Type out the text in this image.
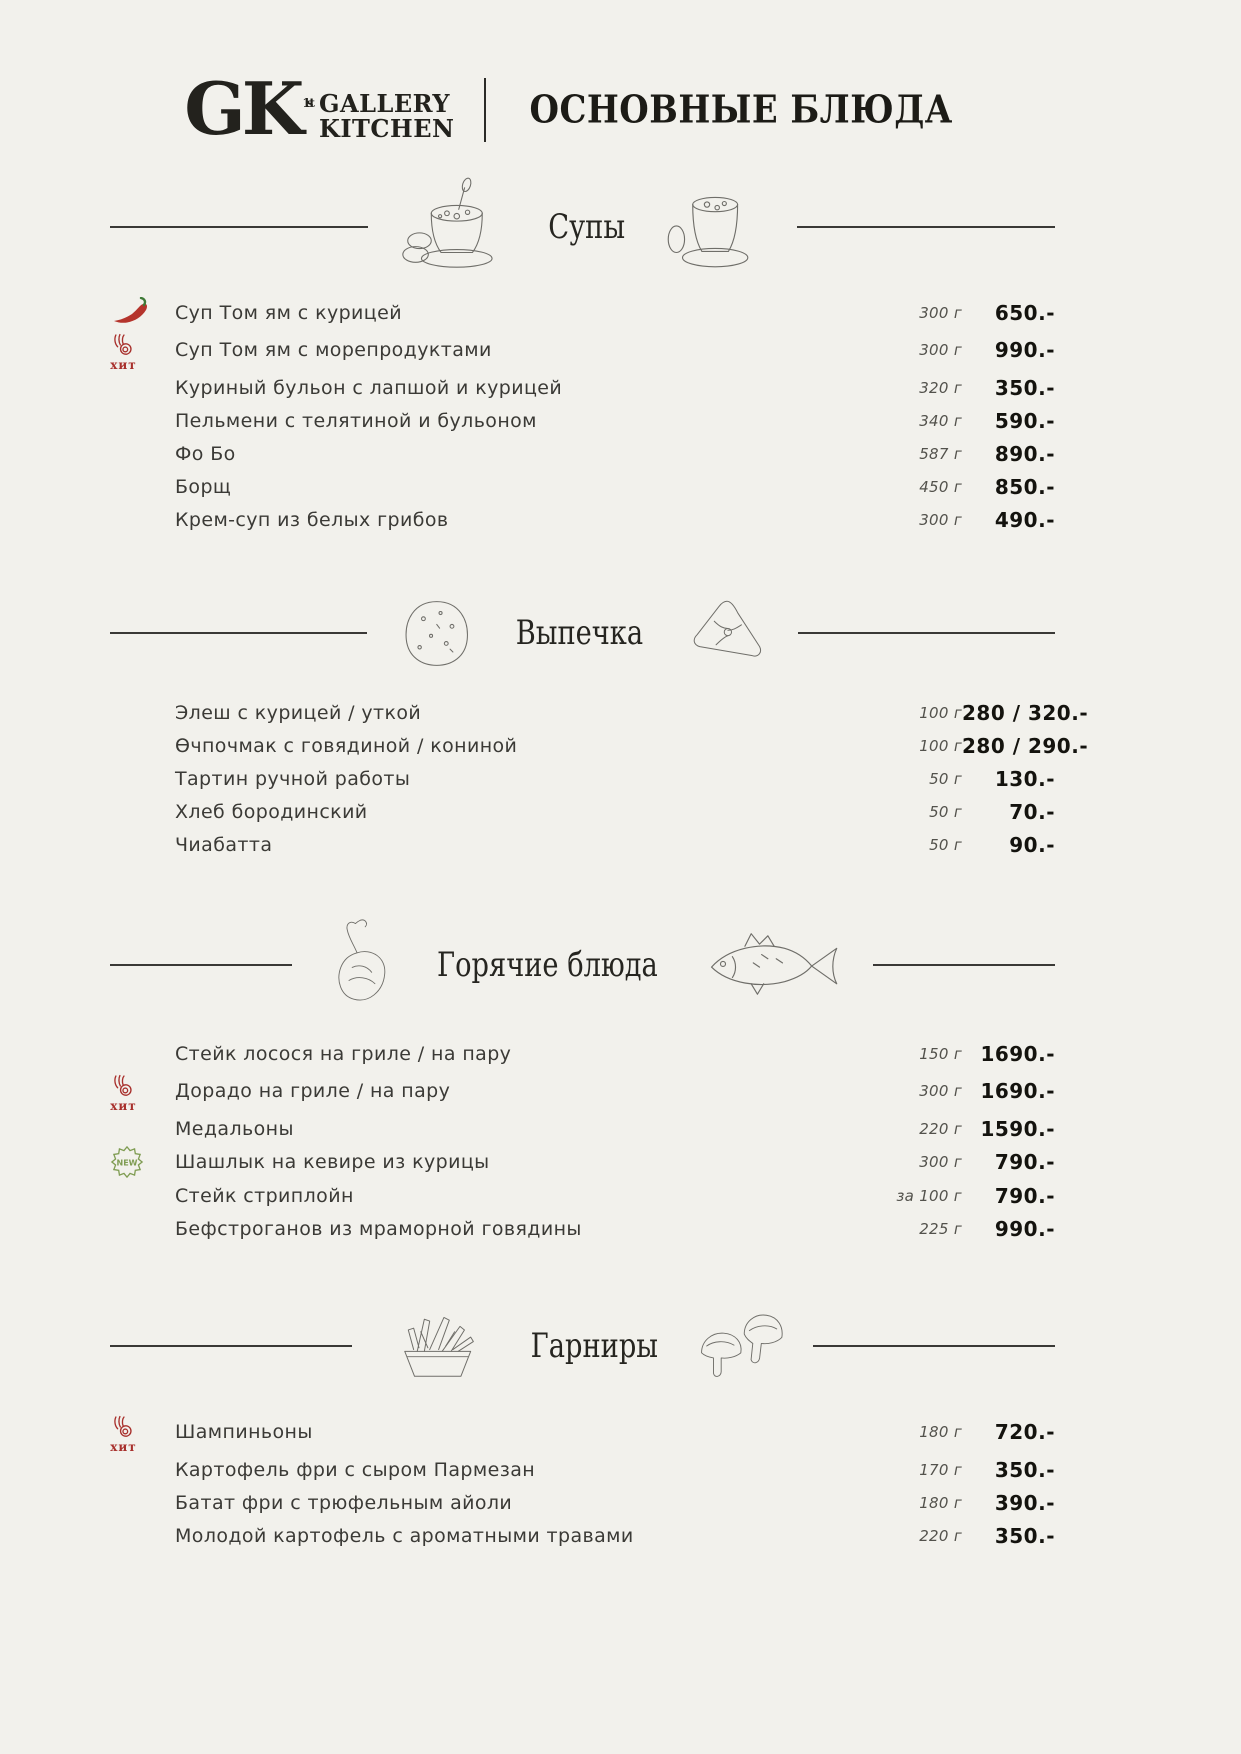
GK $^{1st}$ GALLERY
KITCHEN ОСНОВНЫЕ БЛЮДА
Супы
Суп Том ям с курицей	300 г	650.-
хит
Суп Том ям с морепродуктами	300 г	990.-
Куриный бульон с лапшой и курицей	320 г	350.-
Пельмени с телятиной и бульоном	340 г	590.-
Фо Бо	587 г	890.-
Борщ	450 г	850.-
Крем-суп из белых грибов	300 г	490.-
Выпечка
Элеш с курицей / уткой	100 г 280 / 320.-
Өчпочмак с говядиной / кониной	100 г 280 / 290.-
Тартин ручной работы	50 г	130.-
Хлеб бородинский	50 г	70.-
Чиабатта	50 г	90.-
Горячие блюда
Стейк лосося на гриле / на пару	150 г 1690.-
хит
Дорадо на гриле / на пару	300 г 1690.-
Медальоны	220 г 1590.-
NEW Шашлык на кевире из курицы	300 г	790.-
Стейк стриплойн	за 100 г	790.-
Бефстроганов из мраморной говядины	225 г	990.-
Гарниры
хит
Шампиньоны	180 г	720.-
Картофель фри с сыром Пармезан	170 г	350.-
Батат фри с трюфельным айоли	180 г	390.-
Молодой картофель с ароматными травами	220 г	350.-
